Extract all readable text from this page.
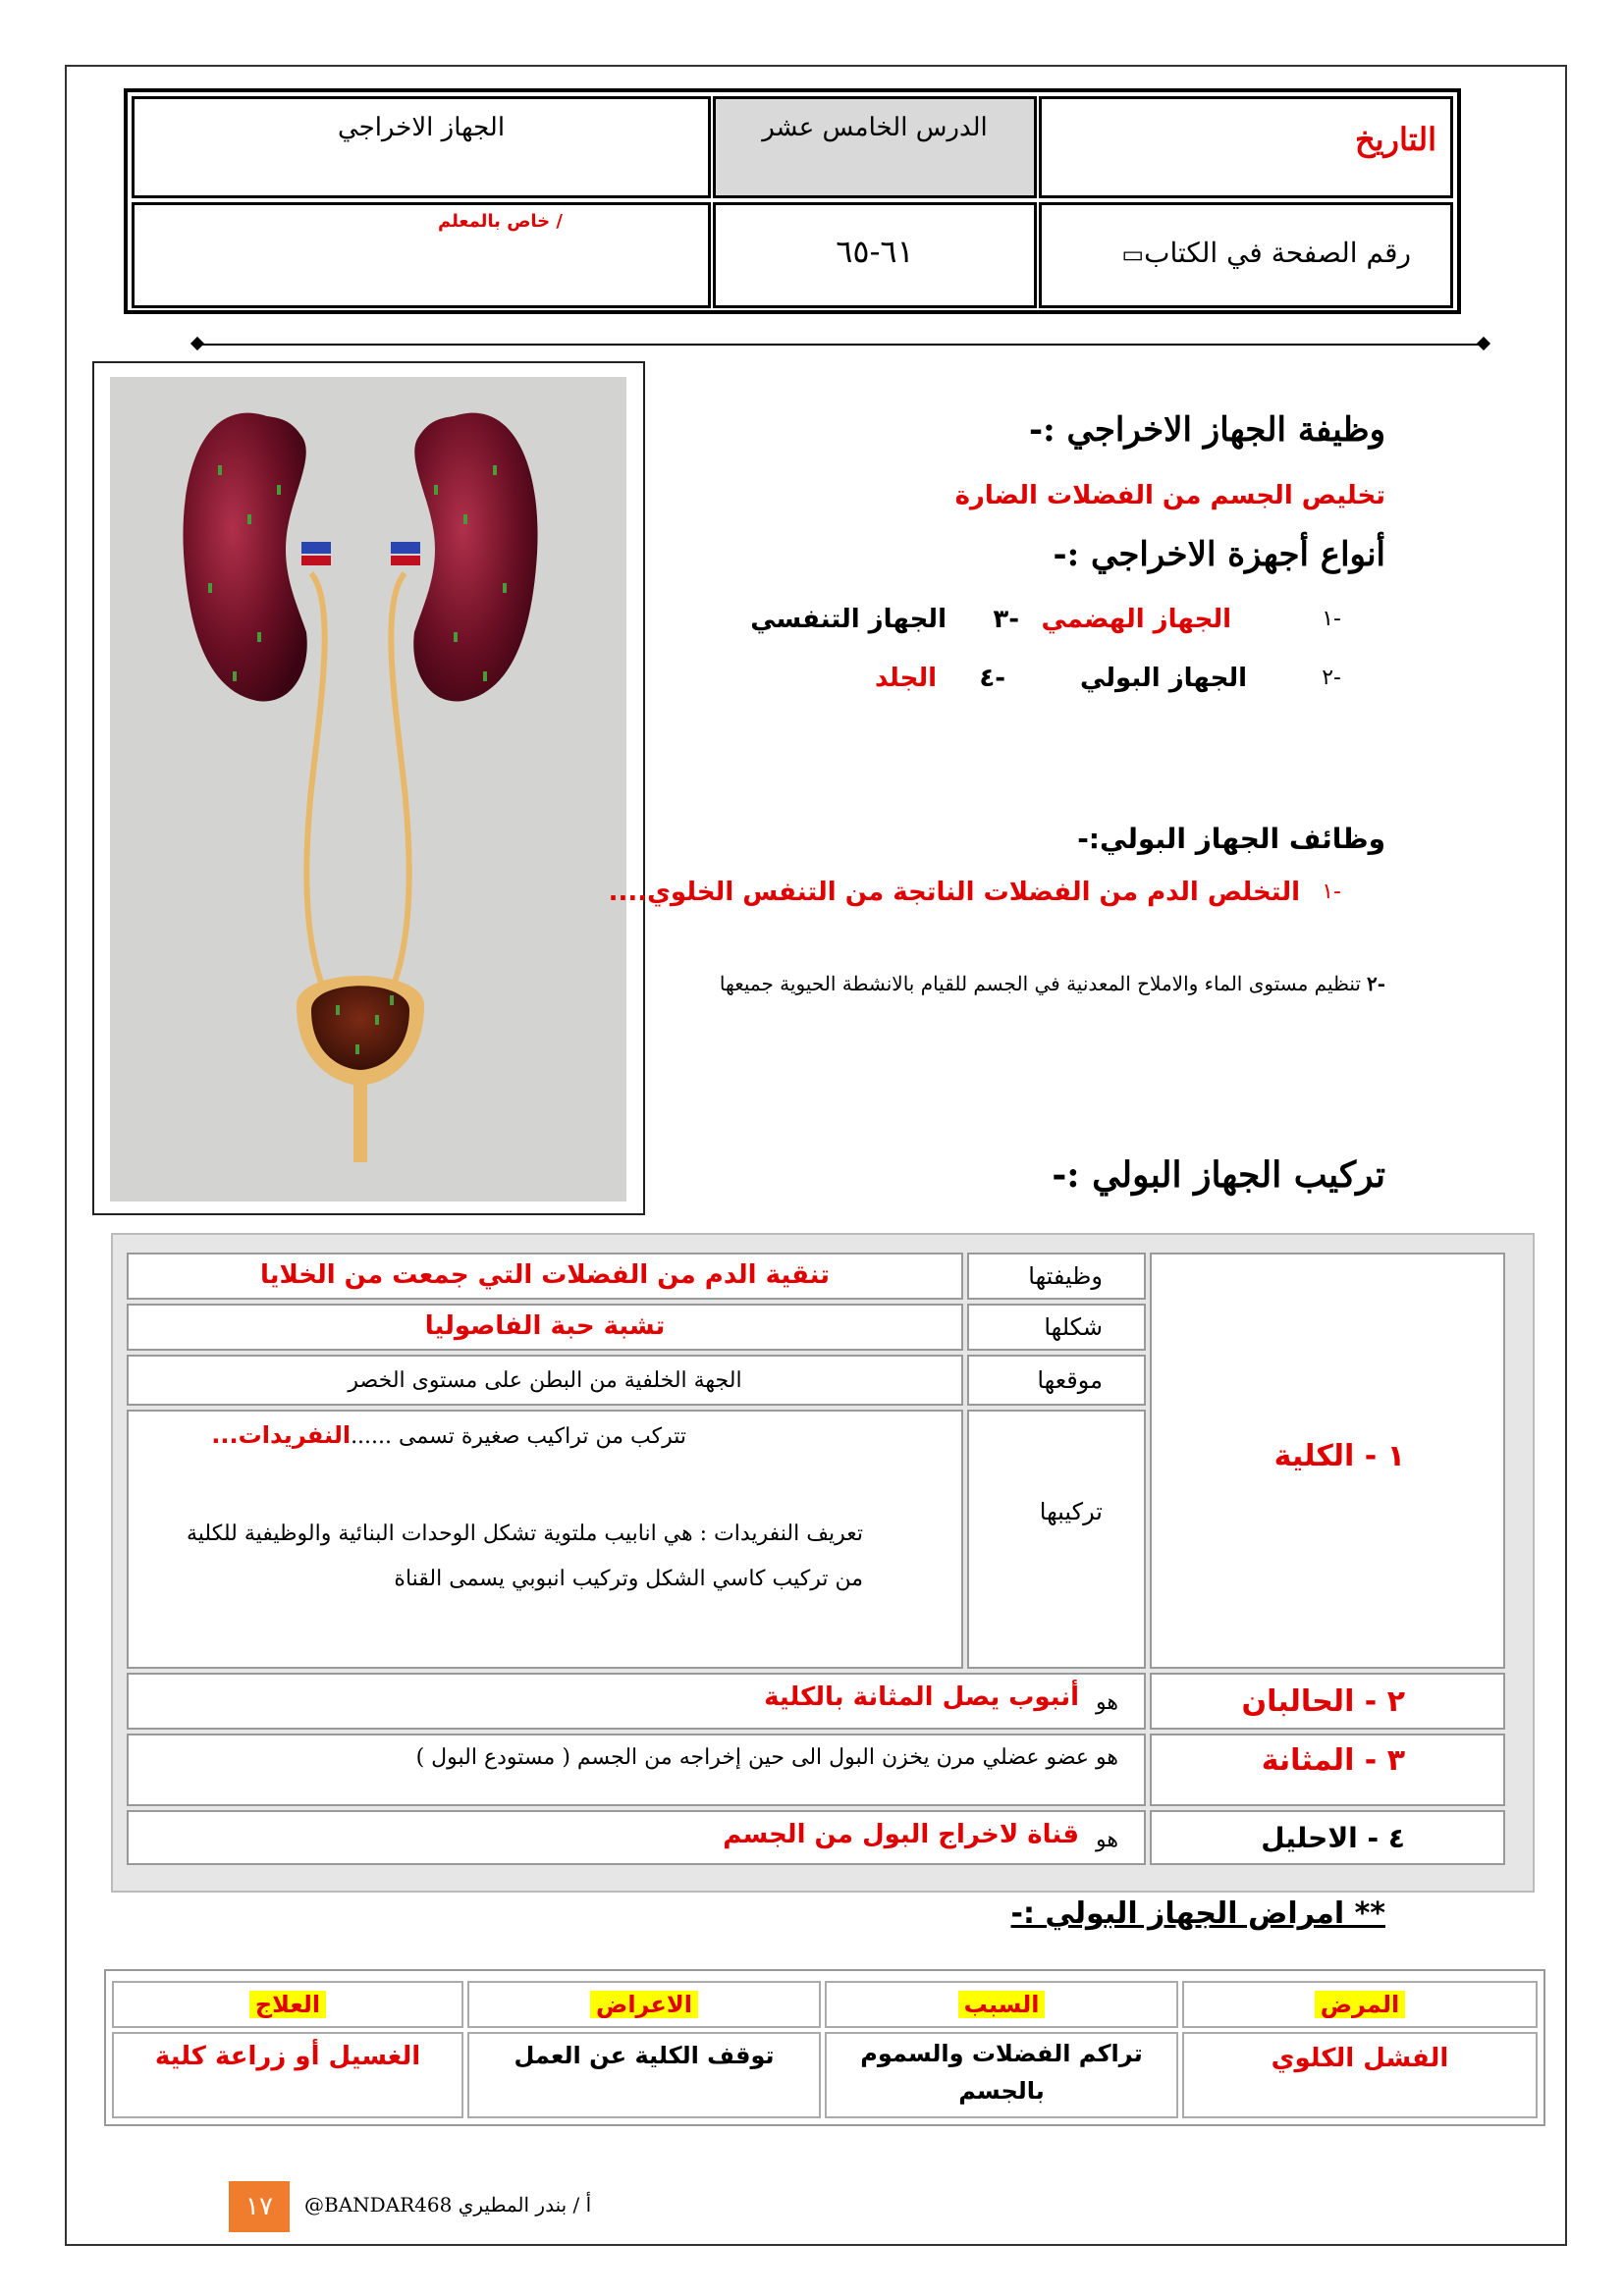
التاريخ
الدرس الخامس عشر
الجهاز الاخراجي
رقم الصفحة في الكتاب▭
٦١-٦٥
خاص بالمعلم /
وظيفة الجهاز الاخراجي :-
تخليص الجسم من الفضلات الضارة
أنواع أجهزة الاخراجي :-
-١
الجهاز الهضمي
-٣
الجهاز التنفسي
-٢
الجهاز البولي
-٤
الجلد
وظائف الجهاز البولي:-
-١
التخلص الدم من الفضلات الناتجة من التنفس الخلوي....
-٢
تنظيم مستوى الماء والاملاح المعدنية في الجسم للقيام بالانشطة الحيوية جميعها
تركيب الجهاز البولي :-
١ - الكلية
وظيفتها
شكلها
موقعها
تركيبها
تنقية الدم من الفضلات التي جمعت من الخلايا
تشبة حبة الفاصوليا
الجهة الخلفية من البطن على مستوى الخصر
تتركب من تراكيب صغيرة تسمى ......النفريدات...
تعريف النفريدات : هي انابيب ملتوية تشكل الوحدات البنائية والوظيفية للكلية
من تركيب كاسي الشكل وتركيب انبوبي يسمى القناة
٢ - الحالبان
هو
أنبوب يصل المثانة بالكلية
٣ - المثانة
هو عضو عضلي مرن يخزن البول الى حين إخراجه من الجسم ( مستودع البول )
٤ - الاحليل
هو
قناة لاخراج البول من الجسم
** امراض الجهاز البولي :-
المرض
السبب
الاعراض
العلاج
الفشل الكلوي
تراكم الفضلات والسموم
بالجسم
توقف الكلية عن العمل
الغسيل أو زراعة كلية
١٧	@BANDAR468 أ / بندر المطيري
